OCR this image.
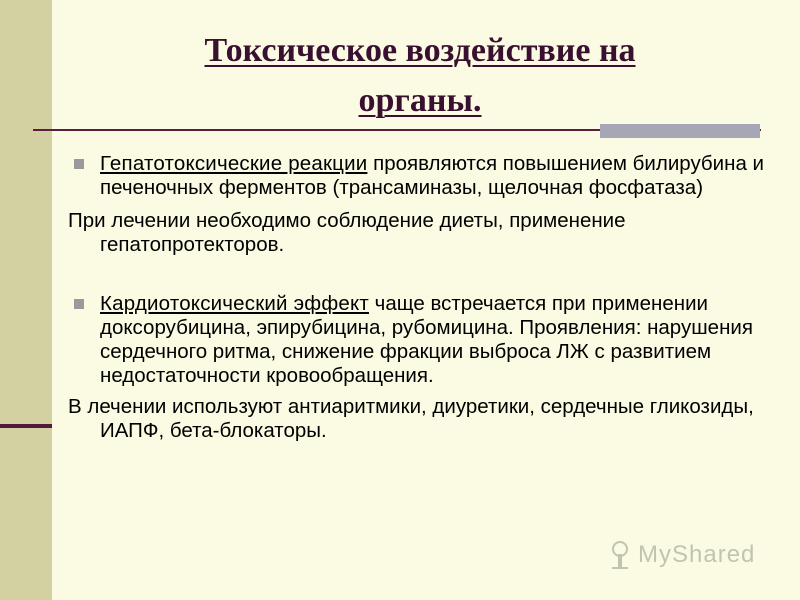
Токсическое воздействие на органы.
Гепатотоксические реакции проявляются повышением билирубина и печеночных ферментов (трансаминазы, щелочная фосфатаза)
При лечении необходимо соблюдение диеты, применение гепатопротекторов.
Кардиотоксический эффект чаще встречается при применении доксорубицина, эпирубицина, рубомицина. Проявления: нарушения сердечного ритма, снижение фракции выброса ЛЖ с развитием недостаточности кровообращения.
В лечении используют антиаритмики, диуретики, сердечные гликозиды, ИАПФ, бета-блокаторы.
MyShared
